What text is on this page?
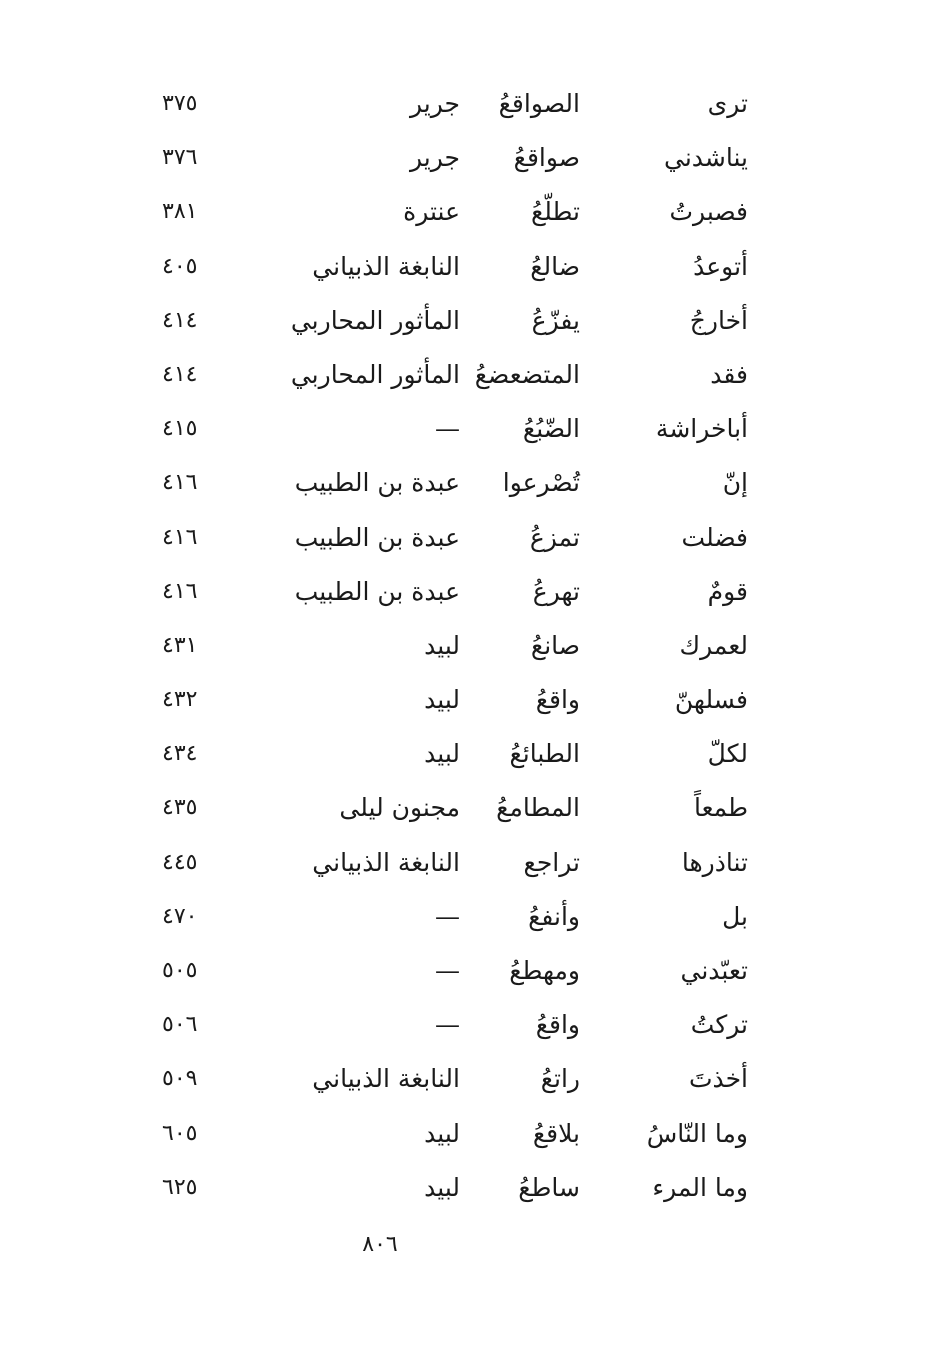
ترى
الصواقعُ
جرير
٣٧٥
يناشدني
صواقعُ
جرير
٣٧٦
فصبرتُ
تطلّعُ
عنترة
٣٨١
أتوعدُ
ضالعُ
النابغة الذبياني
٤٠٥
أخارجُ
يفزّعُ
المأثور المحاربي
٤١٤
فقد
المتضعضعُ
المأثور المحاربي
٤١٤
أباخراشة
الضّبُعُ
—
٤١٥
إنّ
تُصْرعوا
عبدة بن الطبيب
٤١٦
فضلت
تمزعُ
عبدة بن الطبيب
٤١٦
قومٌ
تهرعُ
عبدة بن الطبيب
٤١٦
لعمرك
صانعُ
لبيد
٤٣١
فسلهنّ
واقعُ
لبيد
٤٣٢
لكلّ
الطبائعُ
لبيد
٤٣٤
طمعاً
المطامعُ
مجنون ليلى
٤٣٥
تناذرها
تراجع
النابغة الذبياني
٤٤٥
بل
وأنفعُ
—
٤٧٠
تعبّدني
ومهطعُ
—
٥٠٥
تركتُ
واقعُ
—
٥٠٦
أخذتَ
راتعُ
النابغة الذبياني
٥٠٩
وما النّاسُ
بلاقعُ
لبيد
٦٠٥
وما المرء
ساطعُ
لبيد
٦٢٥
٨٠٦
